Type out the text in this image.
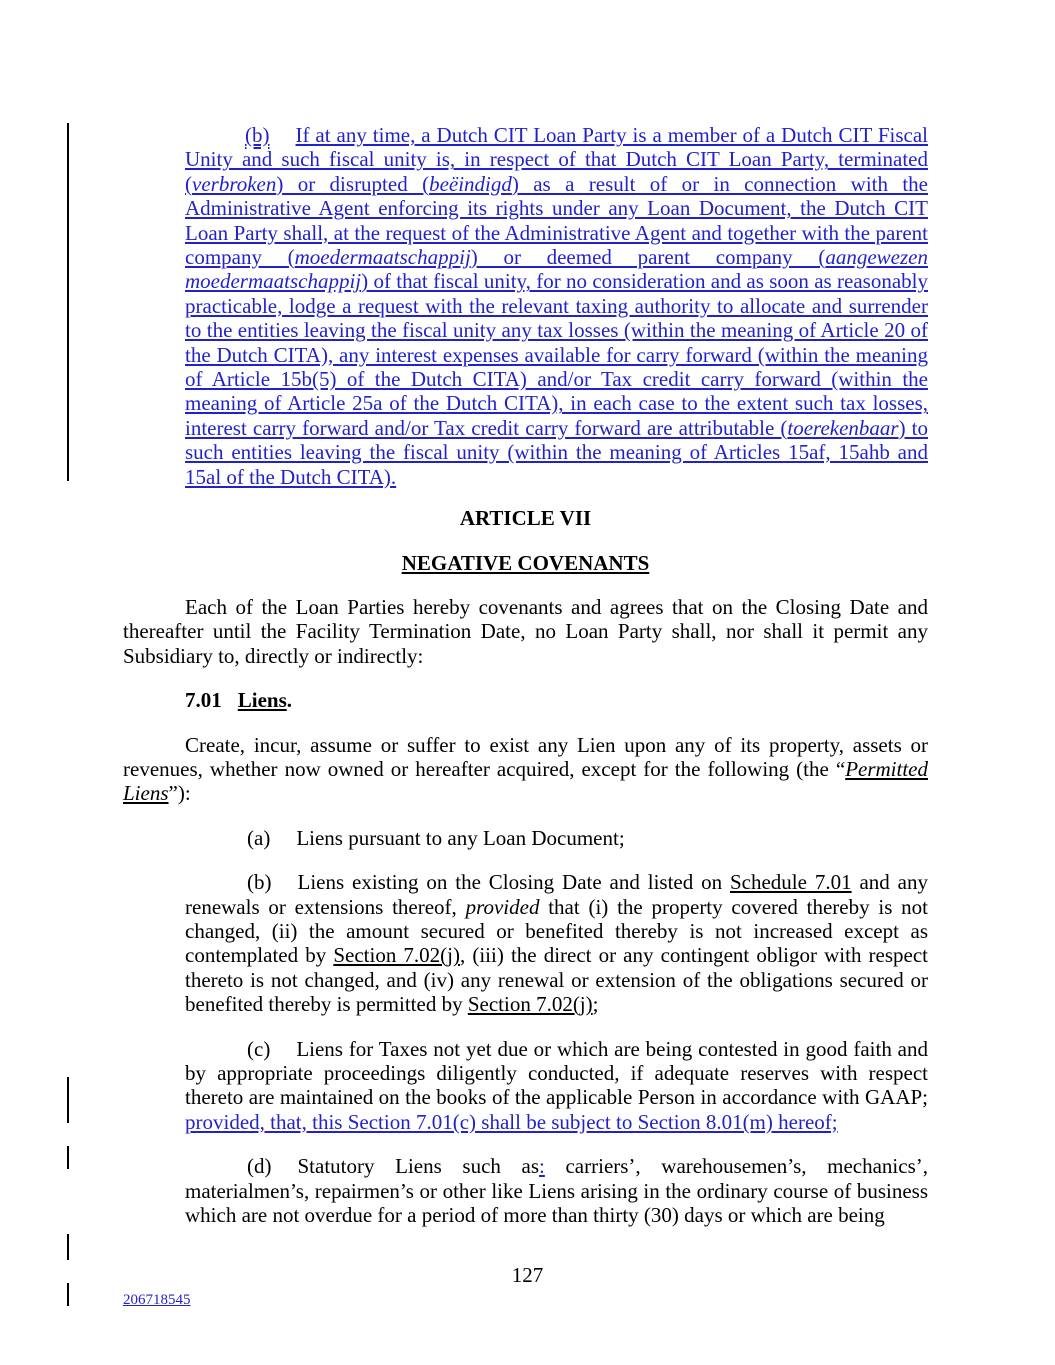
(b) If at any time, a Dutch CIT Loan Party is a member of a Dutch CIT Fiscal Unity and such fiscal unity is, in respect of that Dutch CIT Loan Party, terminated (verbroken) or disrupted (beëindigd) as a result of or in connection with the Administrative Agent enforcing its rights under any Loan Document, the Dutch CIT Loan Party shall, at the request of the Administrative Agent and together with the parent company (moedermaatschappij) or deemed parent company (aangewezen moedermaatschappij) of that fiscal unity, for no consideration and as soon as reasonably practicable, lodge a request with the relevant taxing authority to allocate and surrender to the entities leaving the fiscal unity any tax losses (within the meaning of Article 20 of the Dutch CITA), any interest expenses available for carry forward (within the meaning of Article 15b(5) of the Dutch CITA) and/or Tax credit carry forward (within the meaning of Article 25a of the Dutch CITA), in each case to the extent such tax losses, interest carry forward and/or Tax credit carry forward are attributable (toerekenbaar) to such entities leaving the fiscal unity (within the meaning of Articles 15af, 15ahb and 15al of the Dutch CITA).

ARTICLE VII

NEGATIVE COVENANTS

Each of the Loan Parties hereby covenants and agrees that on the Closing Date and thereafter until the Facility Termination Date, no Loan Party shall, nor shall it permit any Subsidiary to, directly or indirectly:

7.01 Liens.

Create, incur, assume or suffer to exist any Lien upon any of its property, assets or revenues, whether now owned or hereafter acquired, except for the following (the “Permitted Liens”):

(a) Liens pursuant to any Loan Document;

(b) Liens existing on the Closing Date and listed on Schedule 7.01 and any renewals or extensions thereof, provided that (i) the property covered thereby is not changed, (ii) the amount secured or benefited thereby is not increased except as contemplated by Section 7.02(j), (iii) the direct or any contingent obligor with respect thereto is not changed, and (iv) any renewal or extension of the obligations secured or benefited thereby is permitted by Section 7.02(j);

(c) Liens for Taxes not yet due or which are being contested in good faith and by appropriate proceedings diligently conducted, if adequate reserves with respect thereto are maintained on the books of the applicable Person in accordance with GAAP; provided, that, this Section 7.01(c) shall be subject to Section 8.01(m) hereof;

(d) Statutory Liens such as: carriers’, warehousemen’s, mechanics’, materialmen’s, repairmen’s or other like Liens arising in the ordinary course of business which are not overdue for a period of more than thirty (30) days or which are being

127
206718545
